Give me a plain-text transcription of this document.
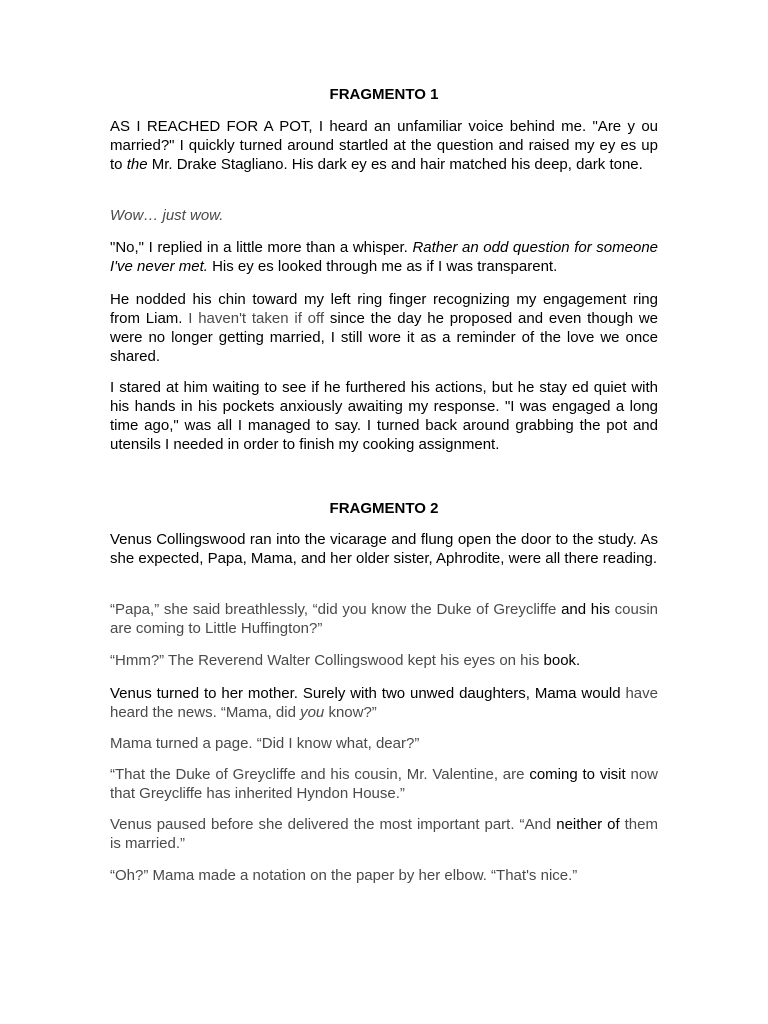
FRAGMENTO 1

AS I REACHED FOR A POT, I heard an unfamiliar voice behind me. "Are y ou married?" I quickly turned around startled at the question and raised my ey es up to the Mr. Drake Stagliano. His dark ey es and hair matched his deep, dark tone.

Wow… just wow.

"No," I replied in a little more than a whisper. Rather an odd question for someone I've never met. His ey es looked through me as if I was transparent.

He nodded his chin toward my left ring finger recognizing my engagement ring from Liam. I haven't taken if off since the day he proposed and even though we were no longer getting married, I still wore it as a reminder of the love we once shared.

I stared at him waiting to see if he furthered his actions, but he stay ed quiet with his hands in his pockets anxiously awaiting my response. "I was engaged a long time ago," was all I managed to say. I turned back around grabbing the pot and utensils I needed in order to finish my cooking assignment.

FRAGMENTO 2

Venus Collingswood ran into the vicarage and flung open the door to the study. As she expected, Papa, Mama, and her older sister, Aphrodite, were all there reading.

“Papa,” she said breathlessly, “did you know the Duke of Greycliffe and his cousin are coming to Little Huffington?”

“Hmm?” The Reverend Walter Collingswood kept his eyes on his book.

Venus turned to her mother. Surely with two unwed daughters, Mama would have heard the news. “Mama, did you know?”

Mama turned a page. “Did I know what, dear?”

“That the Duke of Greycliffe and his cousin, Mr. Valentine, are coming to visit now that Greycliffe has inherited Hyndon House.”

Venus paused before she delivered the most important part. “And neither of them is married.”

“Oh?” Mama made a notation on the paper by her elbow. “That's nice.”
